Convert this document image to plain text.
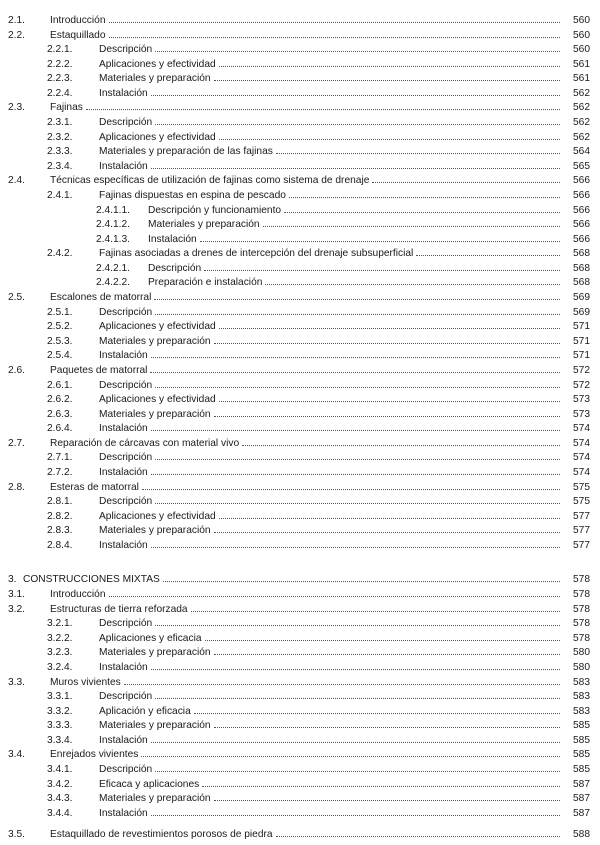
2.1.	Introducción	560
2.2.	Estaquillado	560
2.2.1.	Descripción	560
2.2.2.	Aplicaciones y efectividad	561
2.2.3.	Materiales y preparación	561
2.2.4.	Instalación	562
2.3.	Fajinas	562
2.3.1.	Descripción	562
2.3.2.	Aplicaciones y efectividad	562
2.3.3.	Materiales y preparación de las fajinas	564
2.3.4.	Instalación	565
2.4.	Técnicas específicas de utilización de fajinas como sistema de drenaje	566
2.4.1.	Fajinas dispuestas en espina de pescado	566
2.4.1.1.	Descripción y funcionamiento	566
2.4.1.2.	Materiales y preparación	566
2.4.1.3.	Instalación	566
2.4.2.	Fajinas asociadas a drenes de intercepción del drenaje subsuperficial	568
2.4.2.1.	Descripción	568
2.4.2.2.	Preparación e instalación	568
2.5.	Escalones de matorral	569
2.5.1.	Descripción	569
2.5.2.	Aplicaciones y efectividad	571
2.5.3.	Materiales y preparación	571
2.5.4.	Instalación	571
2.6.	Paquetes de matorral	572
2.6.1.	Descripción	572
2.6.2.	Aplicaciones y efectividad	573
2.6.3.	Materiales y preparación	573
2.6.4.	Instalación	574
2.7.	Reparación de cárcavas con material vivo	574
2.7.1.	Descripción	574
2.7.2.	Instalación	574
2.8.	Esteras de matorral	575
2.8.1.	Descripción	575
2.8.2.	Aplicaciones y efectividad	577
2.8.3.	Materiales y preparación	577
2.8.4.	Instalación	577
3. CONSTRUCCIONES MIXTAS	578
3.1.	Introducción	578
3.2.	Estructuras de tierra reforzada	578
3.2.1.	Descripción	578
3.2.2.	Aplicaciones y eficacia	578
3.2.3.	Materiales y preparación	580
3.2.4.	Instalación	580
3.3.	Muros vivientes	583
3.3.1.	Descripción	583
3.3.2.	Aplicación y eficacia	583
3.3.3.	Materiales y preparación	585
3.3.4.	Instalación	585
3.4.	Enrejados vivientes	585
3.4.1.	Descripción	585
3.4.2.	Eficaca y aplicaciones	587
3.4.3.	Materiales y preparación	587
3.4.4.	Instalación	587
3.5.	Estaquillado de revestimientos porosos de piedra	588
